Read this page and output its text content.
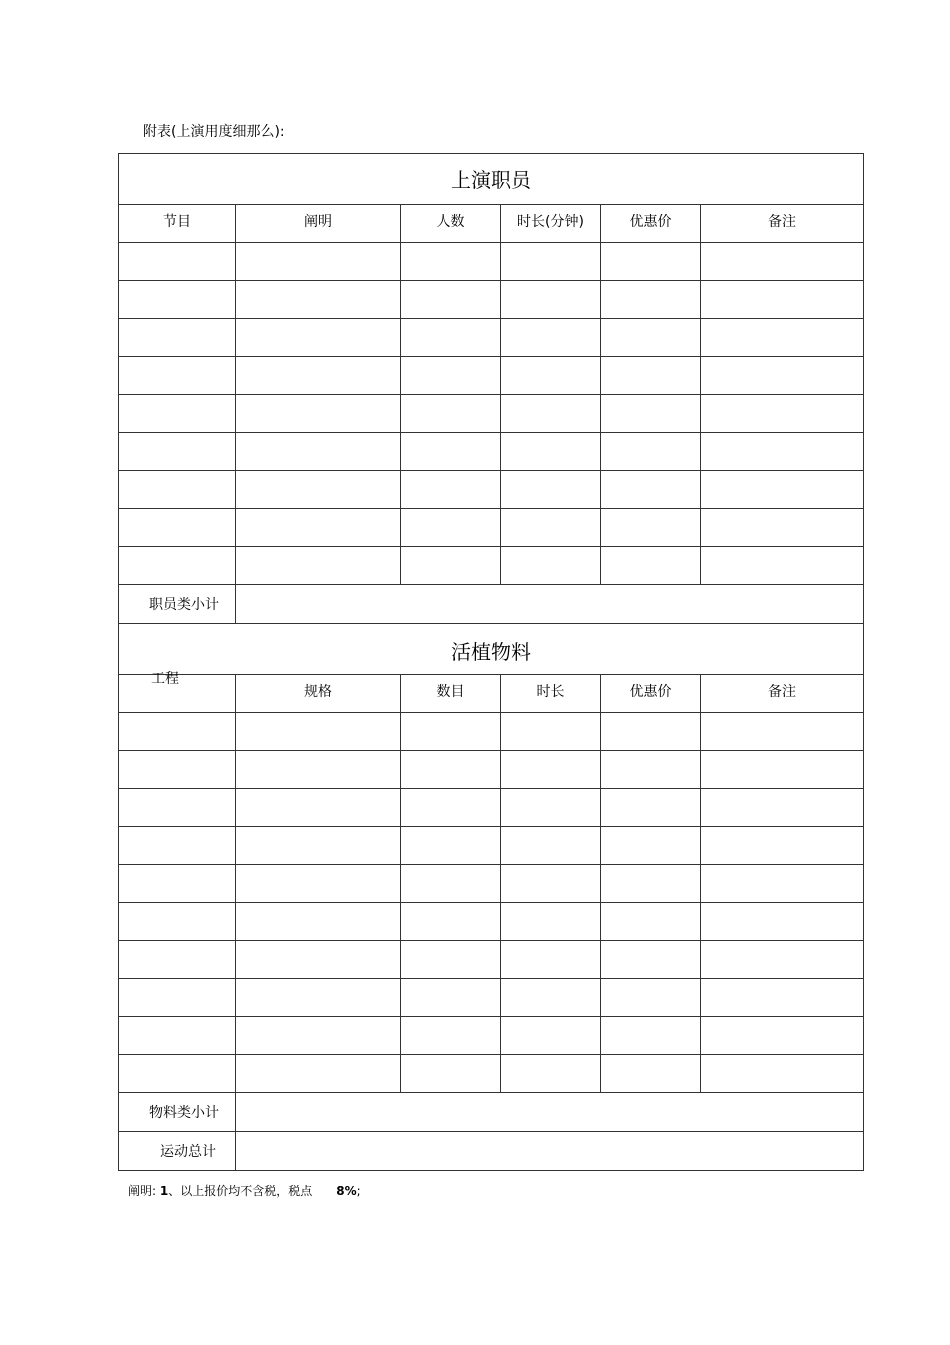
附表(上演用度细那么):
上演职员					
节目	阐明	人数	时长(分钟)	优惠价	备注

职员类小计					
活植物料
工程					

	规格	数目	时长	优惠价	备注

物料类小计					
运动总计					
阐明: 1、以上报价均不含税，税点 8%;
